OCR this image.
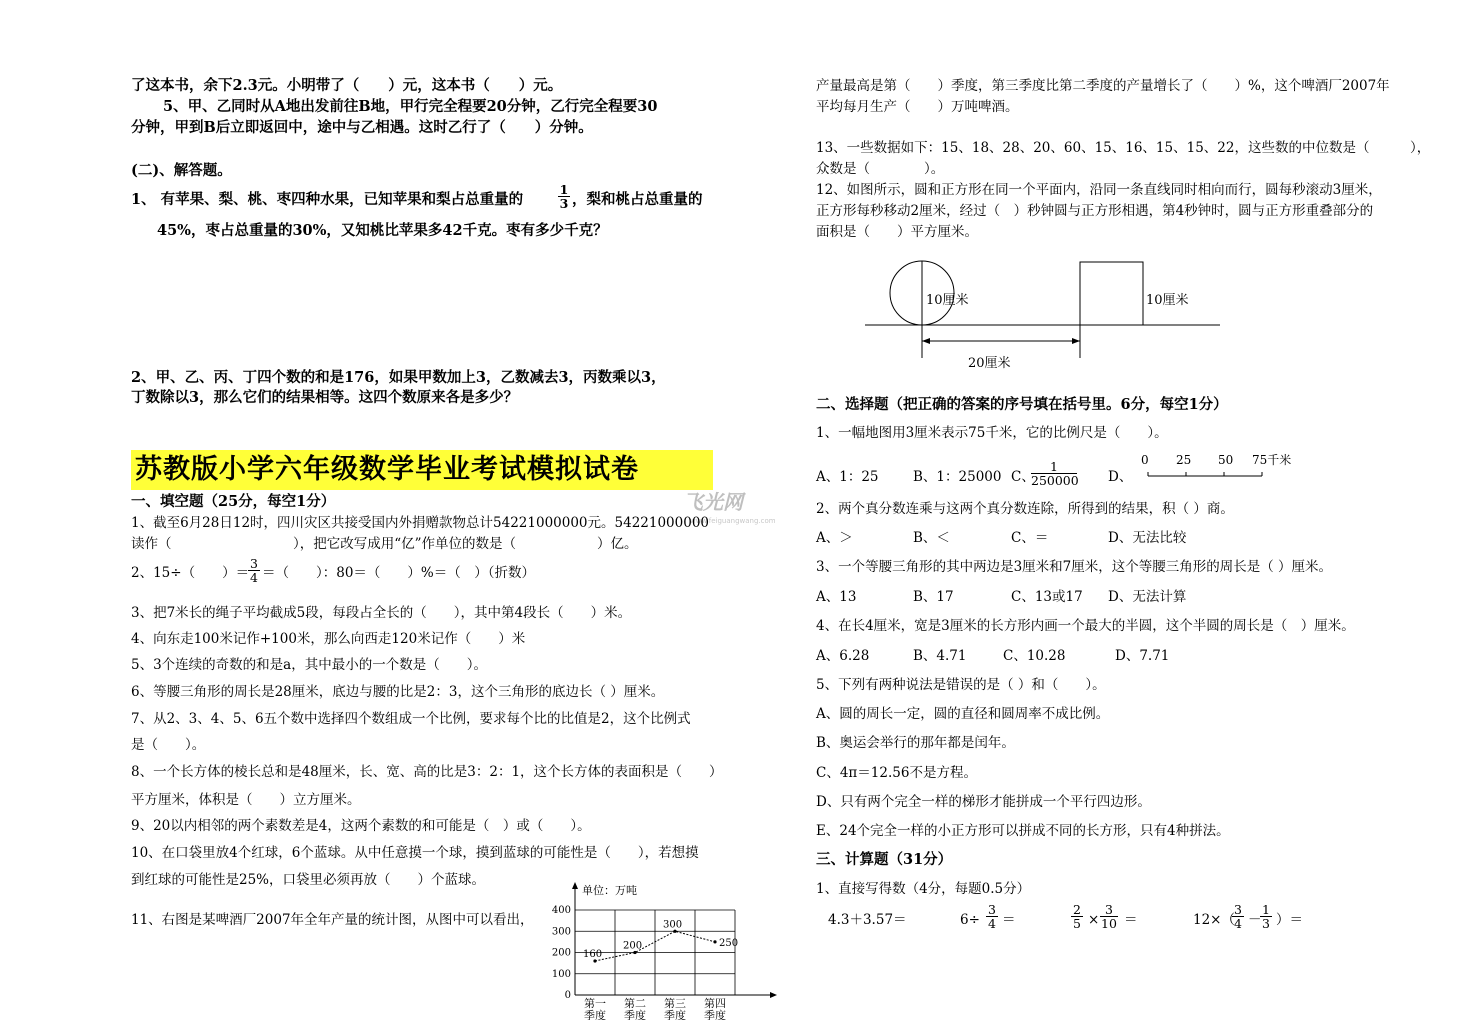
了这本书，余下2.3元。小明带了（　　）元，这本书（　　）元。
5、甲、乙同时从A地出发前往B地，甲行完全程要20分钟，乙行完全程要30
分钟，甲到B后立即返回中，途中与乙相遇。这时乙行了（　　）分钟。
(二)、解答题。
1、 有苹果、梨、桃、枣四种水果，已知苹果和梨占总重量的	$\frac{1}{3}$ ，梨和桃占总重量的
45%，枣占总重量的30%，又知桃比苹果多42千克。枣有多少千克？
2、甲、乙、丙、丁四个数的和是176，如果甲数加上3，乙数减去3，丙数乘以3，
丁数除以3，那么它们的结果相等。这四个数原来各是多少？
苏教版小学六年级数学毕业考试模拟试卷
飞光网
www.feiguangwang.com
一、填空题（25分，每空1分）
1、截至6月28日12时，四川灾区共接受国内外捐赠款物总计54221000000元。54221000000
读作（　　　　　　　　　），把它改写成用“亿”作单位的数是（　　　　　　）亿。
2、15÷（　　）＝
$\frac{3}{4}$ ＝（　　）：80＝（　　）%＝（　）（折数）
3、把7米长的绳子平均截成5段，每段占全长的（　　），其中第4段长（　　）米。
4、向东走100米记作+100米，那么向西走120米记作（　　）米
5、3个连续的奇数的和是a，其中最小的一个数是（　　）。
6、等腰三角形的周长是28厘米，底边与腰的比是2：3，这个三角形的底边长（ ）厘米。
7、从2、3、4、5、6五个数中选择四个数组成一个比例，要求每个比的比值是2，这个比例式
是（　　）。
8、一个长方体的棱长总和是48厘米，长、宽、高的比是3：2：1，这个长方体的表面积是（　　）
平方厘米，体积是（　　）立方厘米。
9、20以内相邻的两个素数差是4，这两个素数的和可能是（　）或（　　）。
10、在口袋里放4个红球，6个蓝球。从中任意摸一个球，摸到蓝球的可能性是（　　），若想摸
到红球的可能性是25%，口袋里必须再放（　　）个蓝球。
11、右图是某啤酒厂2007年全年产量的统计图，从图中可以看出，
单位：万吨
0
100
200
300
400
第一
季度
第二
季度
第三
季度
第四
季度
160
200
300
250
产量最高是第（　　）季度，第三季度比第二季度的产量增长了（　　）%，这个啤酒厂2007年
平均每月生产（　　）万吨啤酒。
13、一些数据如下：15、18、28、20、60、15、16、15、15、22，这些数的中位数是（　　　），
众数是（　　　　）。
12、如图所示，圆和正方形在同一个平面内，沿同一条直线同时相向而行，圆每秒滚动3厘米，
正方形每秒移动2厘米，经过（　）秒钟圆与正方形相遇，第4秒钟时，圆与正方形重叠部分的
面积是（　　）平方厘米。
10厘米	10厘米
20厘米
二、选择题（把正确的答案的序号填在括号里。6分，每空1分）
1、一幅地图用3厘米表示75千米，它的比例尺是（　　）。
A、1：25	B、1：25000 C、
$\frac{1}{250000}$ D、
0 25 50 75千米
2、两个真分数连乘与这两个真分数连除，所得到的结果，积（ ）商。
A、＞	B、＜	C、＝	D、无法比较
3、一个等腰三角形的其中两边是3厘米和7厘米，这个等腰三角形的周长是（ ）厘米。
A、13	B、17	C、13或17 D、无法计算
4、在长4厘米，宽是3厘米的长方形内画一个最大的半圆，这个半圆的周长是（　）厘米。
A、6.28	B、4.71	C、10.28	D、7.71
5、下列有两种说法是错误的是（ ）和（　　）。
A、圆的周长一定，圆的直径和圆周率不成比例。
B、奥运会举行的那年都是闰年。
C、4π＝12.56不是方程。
D、只有两个完全一样的梯形才能拼成一个平行四边形。
E、24个完全一样的小正方形可以拼成不同的长方形，只有4种拼法。
三、计算题（31分）
1、直接写得数（4分，每题0.5分）
4.3＋3.57＝	$6\div \frac{3}{4}$ ＝	$\frac{2}{5} \times \frac{3}{10}$ ＝	12×（
$\frac{3}{4}$ －
$\frac{1}{3}$ ）＝
